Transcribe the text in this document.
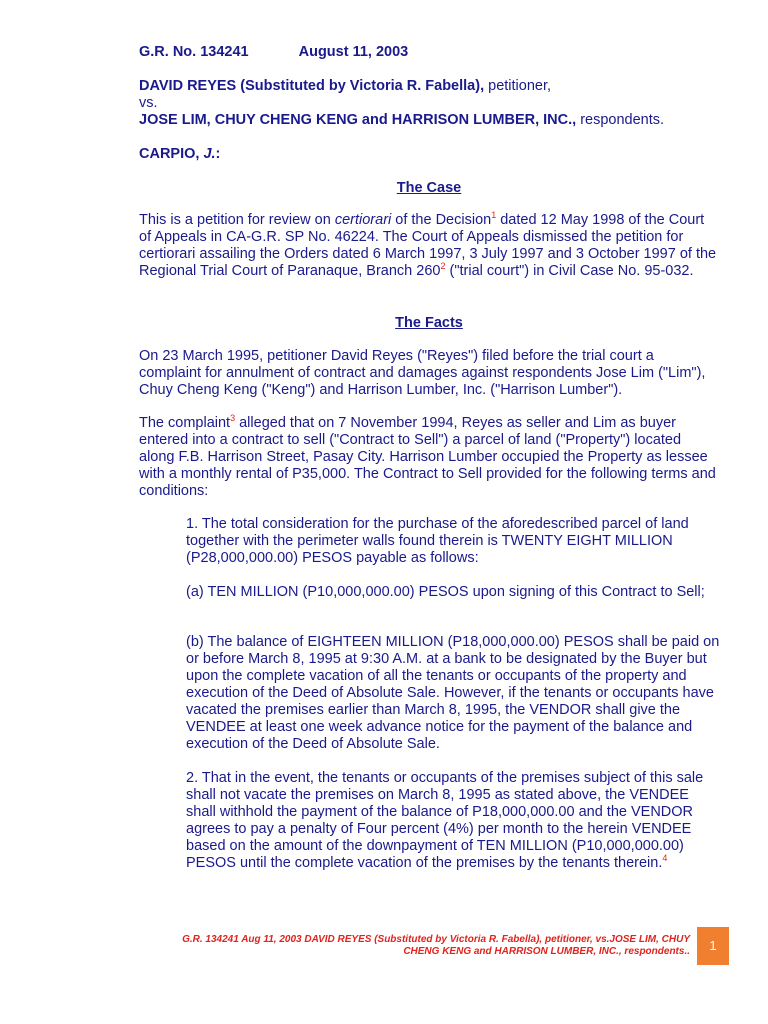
G.R. No. 134241	August 11, 2003
DAVID REYES (Substituted by Victoria R. Fabella), petitioner,
vs.
JOSE LIM, CHUY CHENG KENG and HARRISON LUMBER, INC., respondents.
CARPIO, J.:
The Case
This is a petition for review on certiorari of the Decision$^1$ dated 12 May 1998 of the Court of Appeals in CA-G.R. SP No. 46224. The Court of Appeals dismissed the petition for certiorari assailing the Orders dated 6 March 1997, 3 July 1997 and 3 October 1997 of the Regional Trial Court of Paranaque, Branch $260^2$ ("trial court") in Civil Case No. 95-032.
The Facts
On 23 March 1995, petitioner David Reyes ("Reyes") filed before the trial court a complaint for annulment of contract and damages against respondents Jose Lim ("Lim"), Chuy Cheng Keng ("Keng") and Harrison Lumber, Inc. ("Harrison Lumber").
The complaint$^3$ alleged that on 7 November 1994, Reyes as seller and Lim as buyer entered into a contract to sell ("Contract to Sell") a parcel of land ("Property") located along F.B. Harrison Street, Pasay City. Harrison Lumber occupied the Property as lessee with a monthly rental of P35,000. The Contract to Sell provided for the following terms and conditions:
1. The total consideration for the purchase of the aforedescribed parcel of land together with the perimeter walls found therein is TWENTY EIGHT MILLION (P28,000,000.00) PESOS payable as follows:
(a) TEN MILLION (P10,000,000.00) PESOS upon signing of this Contract to Sell;
(b) The balance of EIGHTEEN MILLION (P18,000,000.00) PESOS shall be paid on or before March 8, 1995 at 9:30 A.M. at a bank to be designated by the Buyer but upon the complete vacation of all the tenants or occupants of the property and execution of the Deed of Absolute Sale. However, if the tenants or occupants have vacated the premises earlier than March 8, 1995, the VENDOR shall give the VENDEE at least one week advance notice for the payment of the balance and execution of the Deed of Absolute Sale.
2. That in the event, the tenants or occupants of the premises subject of this sale shall not vacate the premises on March 8, 1995 as stated above, the VENDEE shall withhold the payment of the balance of P18,000,000.00 and the VENDOR agrees to pay a penalty of Four percent (4%) per month to the herein VENDEE based on the amount of the downpayment of TEN MILLION (P10,000,000.00) PESOS until the complete vacation of the premises by the tenants therein.$^4$
G.R. 134241 Aug 11, 2003 DAVID REYES (Substituted by Victoria R. Fabella), petitioner, vs.JOSE LIM, CHUY
CHENG KENG and HARRISON LUMBER, INC., respondents..	1
